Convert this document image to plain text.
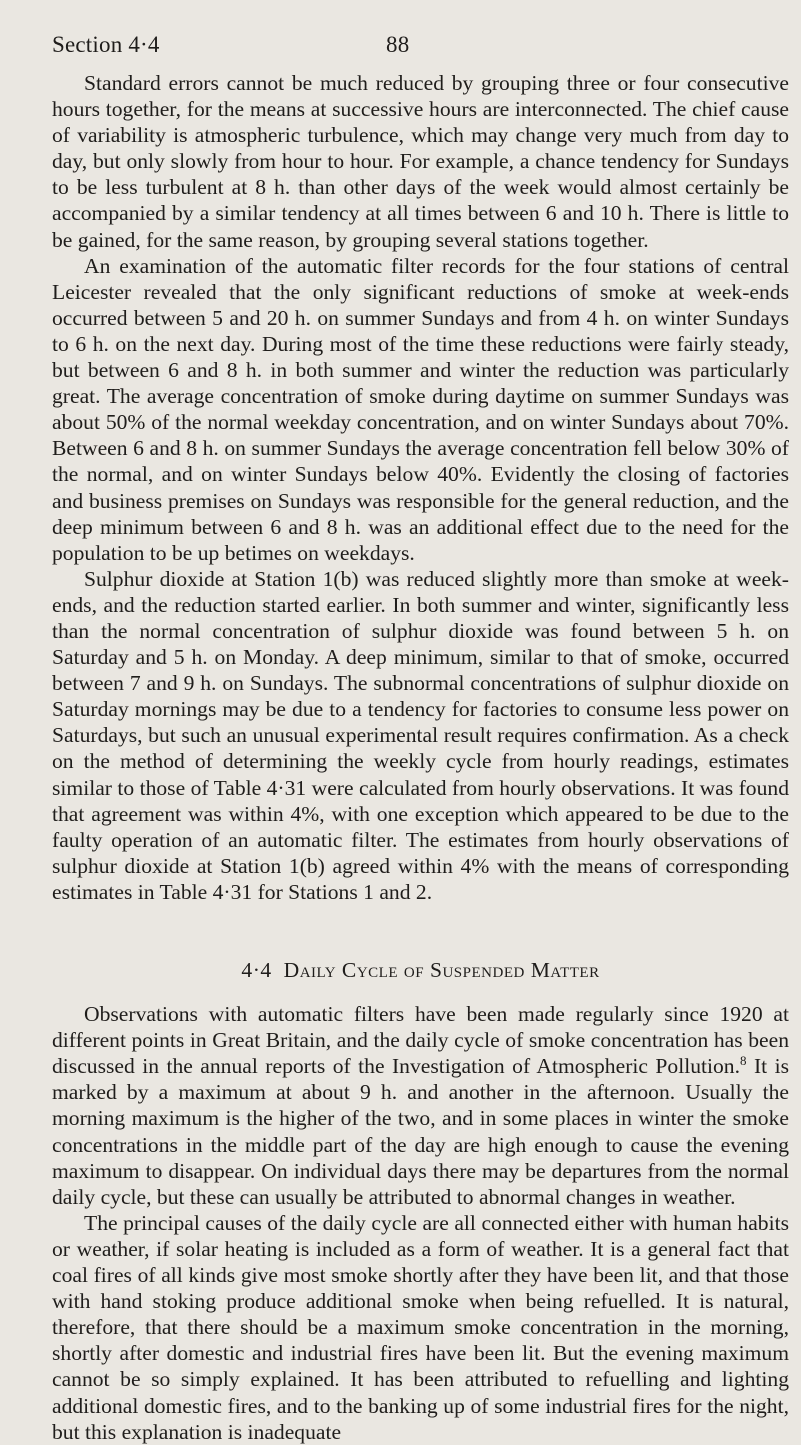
Section 4·4	88

Standard errors cannot be much reduced by grouping three or four consecutive hours together, for the means at successive hours are interconnected. The chief cause of variability is atmospheric turbulence, which may change very much from day to day, but only slowly from hour to hour. For example, a chance tendency for Sundays to be less turbulent at 8 h. than other days of the week would almost certainly be accompanied by a similar tendency at all times between 6 and 10 h. There is little to be gained, for the same reason, by grouping several stations together.

An examination of the automatic filter records for the four stations of central Leicester revealed that the only significant reductions of smoke at week-ends occurred between 5 and 20 h. on summer Sundays and from 4 h. on winter Sundays to 6 h. on the next day. During most of the time these reductions were fairly steady, but between 6 and 8 h. in both summer and winter the reduction was particularly great. The average concentration of smoke during daytime on summer Sundays was about 50% of the normal weekday concentration, and on winter Sundays about 70%. Between 6 and 8 h. on summer Sundays the average concentration fell below 30% of the normal, and on winter Sundays below 40%. Evidently the closing of factories and business premises on Sundays was responsible for the general reduction, and the deep minimum between 6 and 8 h. was an additional effect due to the need for the population to be up betimes on weekdays.

Sulphur dioxide at Station 1(b) was reduced slightly more than smoke at week-ends, and the reduction started earlier. In both summer and winter, significantly less than the normal concentration of sulphur dioxide was found between 5 h. on Saturday and 5 h. on Monday. A deep minimum, similar to that of smoke, occurred between 7 and 9 h. on Sundays. The subnormal concentrations of sulphur dioxide on Saturday mornings may be due to a tendency for factories to consume less power on Saturdays, but such an unusual experimental result requires confirmation. As a check on the method of determining the weekly cycle from hourly readings, estimates similar to those of Table 4·31 were calculated from hourly observations. It was found that agreement was within 4%, with one exception which appeared to be due to the faulty operation of an automatic filter. The estimates from hourly observations of sulphur dioxide at Station 1(b) agreed within 4% with the means of corresponding estimates in Table 4·31 for Stations 1 and 2.

4·4 Daily Cycle of Suspended Matter

Observations with automatic filters have been made regularly since 1920 at different points in Great Britain, and the daily cycle of smoke concentration has been discussed in the annual reports of the Investigation of Atmospheric Pollution.$^8$ It is marked by a maximum at about 9 h. and another in the afternoon. Usually the morning maximum is the higher of the two, and in some places in winter the smoke concentrations in the middle part of the day are high enough to cause the evening maximum to disappear. On individual days there may be departures from the normal daily cycle, but these can usually be attributed to abnormal changes in weather.

The principal causes of the daily cycle are all connected either with human habits or weather, if solar heating is included as a form of weather. It is a general fact that coal fires of all kinds give most smoke shortly after they have been lit, and that those with hand stoking produce additional smoke when being refuelled. It is natural, therefore, that there should be a maximum smoke concentration in the morning, shortly after domestic and industrial fires have been lit. But the evening maximum cannot be so simply explained. It has been attributed to refuelling and lighting additional domestic fires, and to the banking up of some industrial fires for the night, but this explanation is inadequate
